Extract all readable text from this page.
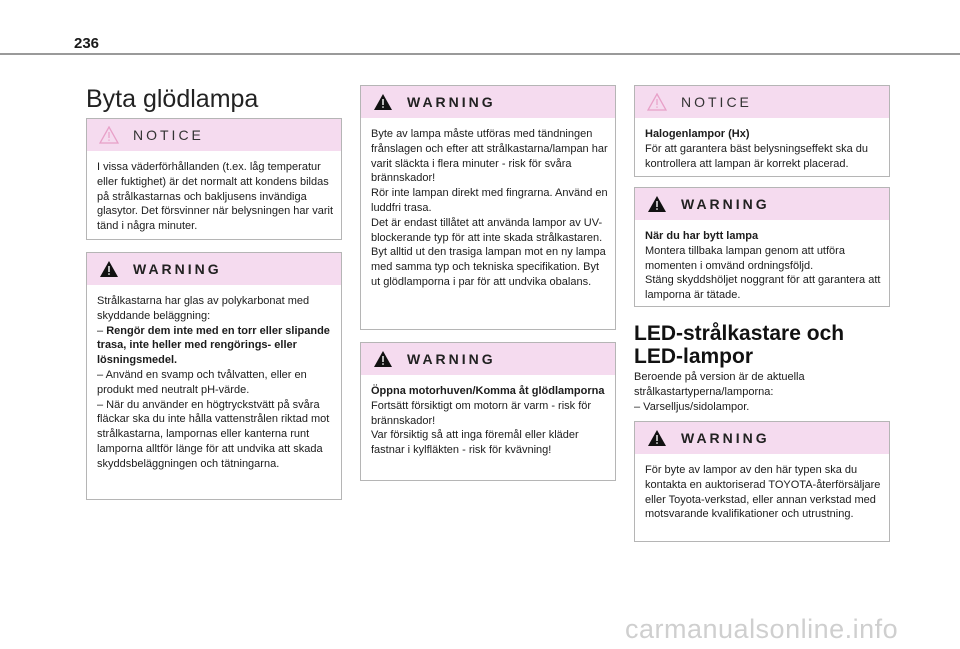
236
Byta glödlampa
NOTICE

I vissa väderförhållanden (t.ex. låg temperatur eller fuktighet) är det normalt att kondens bildas på strålkastarnas och bakljusens invändiga glasytor. Det försvinner när belysningen har varit tänd i några minuter.

WARNING

Strålkastarna har glas av polykarbonat med skyddande beläggning:

– Rengör dem inte med en torr eller slipande trasa, inte heller med rengörings- eller lösningsmedel.

– Använd en svamp och tvålvatten, eller en produkt med neutralt pH-värde.

– När du använder en högtryckstvätt på svåra fläckar ska du inte hålla vattenstrålen riktad mot strålkastarna, lampornas eller kanterna runt lamporna alltför länge för att undvika att skada skyddsbeläggningen och tätningarna.

WARNING

Byte av lampa måste utföras med tändningen frånslagen och efter att strålkastarna/lampan har varit släckta i flera minuter - risk för svåra brännskador!

Rör inte lampan direkt med fingrarna. Använd en luddfri trasa.

Det är endast tillåtet att använda lampor av UV-blockerande typ för att inte skada strålkastaren.

Byt alltid ut den trasiga lampan mot en ny lampa med samma typ och tekniska specifikation. Byt ut glödlamporna i par för att undvika obalans.

WARNING

Öppna motorhuven/Komma åt glödlamporna

Fortsätt försiktigt om motorn är varm - risk för brännskador!

Var försiktig så att inga föremål eller kläder fastnar i kylfläkten - risk för kvävning!

NOTICE

Halogenlampor (Hx)

För att garantera bäst belysningseffekt ska du kontrollera att lampan är korrekt placerad.

WARNING

När du har bytt lampa

Montera tillbaka lampan genom att utföra momenten i omvänd ordningsföljd.

Stäng skyddshöljet noggrant för att garantera att lamporna är tätade.

LED-strålkastare och LED-lampor

Beroende på version är de aktuella strålkastartyperna/lamporna:

– Varselljus/sidolampor.

WARNING

För byte av lampor av den här typen ska du kontakta en auktoriserad TOYOTA-återförsäljare eller Toyota-verkstad, eller annan verkstad med motsvarande kvalifikationer och utrustning.

carmanualsonline.info
